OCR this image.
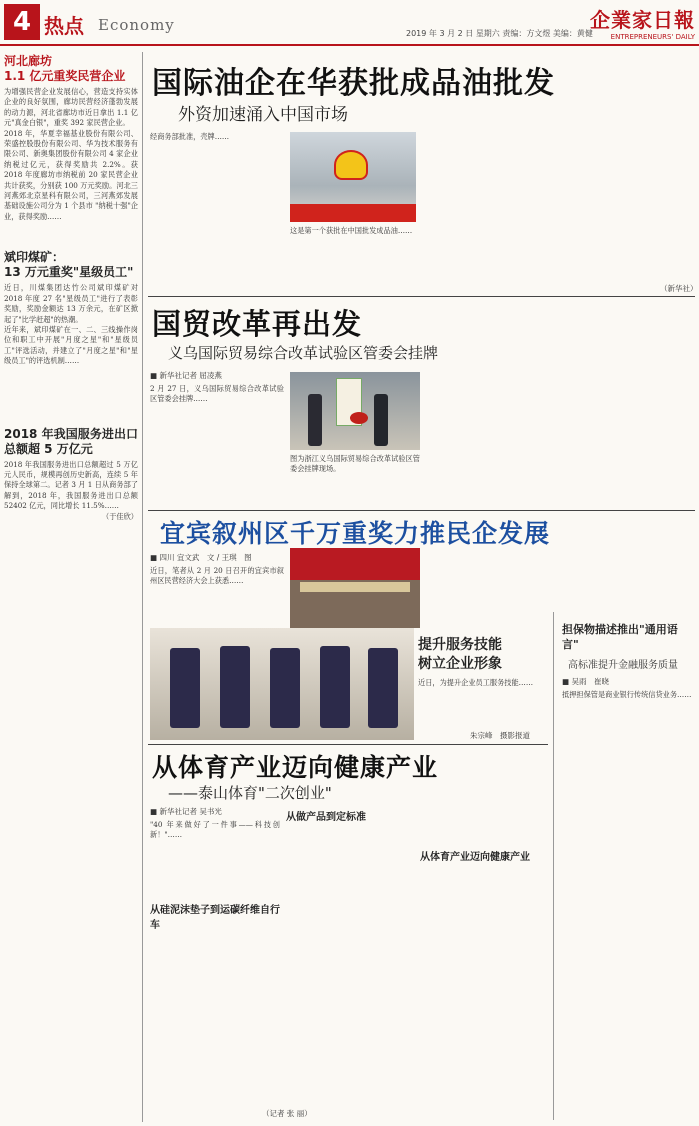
4 热点 Economy	2019 年 3 月 2 日 星期六 责编：方文煜 美编：黄健
企業家日報
ENTREPRENEURS' DAILY
河北廊坊
1.1 亿元重奖民营企业
为增强民营企业发展信心，营造支持实体企业的良好氛围，廊坊民营经济蓬勃发展的动力源，河北省廊坊市近日拿出 1.1 亿元"真金白银"，重奖 392 家民营企业。
2018 年，华夏幸福基业股份有限公司、荣盛控股股份有限公司、华为技术服务有限公司、新奥集团股份有限公司 4 家企业纳税过亿元，获得奖励共 2.2%。获 2018 年度廊坊市纳税前 20 家民营企业共计获奖，分别获 100 万元奖励。河北三河燕郊北京星科有限公司，三河燕郊发展基础设施公司分为 1 个县市 "纳税十强"企业，获得奖励……
斌印煤矿：
13 万元重奖"星级员工"
近日，川煤集团达竹公司斌印煤矿对 2018 年度 27 名"星级员工"进行了表彰奖励，奖励金额达 13 万余元，在矿区掀起了"比学赶超"的热潮。
近年来，斌印煤矿在一、二、三线操作岗位和职工中开展"月度之星"和"星级员工"评选活动，并建立了"月度之星"和"星级员工"的评选机制……
2018 年我国服务进出口总额超 5 万亿元
2018 年我国服务进出口总额超过 5 万亿元人民币，规模再创历史新高，连续 5 年保持全球第二。记者 3 月 1 日从商务部了解到，2018 年，我国服务进出口总额 52402 亿元，同比增长 11.5%……
（于佳欣）
国际油企在华获批成品油批发
外资加速涌入中国市场
经商务部批准，壳牌……
这是第一个获批在中国批发成品油……
（新华社）
国贸改革再出发
义乌国际贸易综合改革试验区管委会挂牌
■ 新华社记者 屈凌燕
2 月 27 日，义乌国际贸易综合改革试验区管委会挂牌……
图为浙江义乌国际贸易综合改革试验区管委会挂牌现场。
宜宾叙州区千万重奖力推民企发展
■ 四川 宜文武　文 / 王琪　图
近日，笔者从 2 月 20 日召开的宜宾市叙州区民营经济大会上获悉……
提升服务技能
树立企业形象
近日，为提升企业员工服务技能……
朱宗峰　摄影报道
担保物描述推出"通用语言"
高标准提升金融服务质量
■ 吴雨　崔晓
抵押担保管是商业银行传统信贷业务……
从体育产业迈向健康产业
——泰山体育"二次创业"
■ 新华社记者 吴书光
"40 年来做好了一件事——科技创新！"……
从硅泥沫垫子到运碳纤维自行车
从做产品到定标准
从体育产业迈向健康产业
（记者 张 丽）
